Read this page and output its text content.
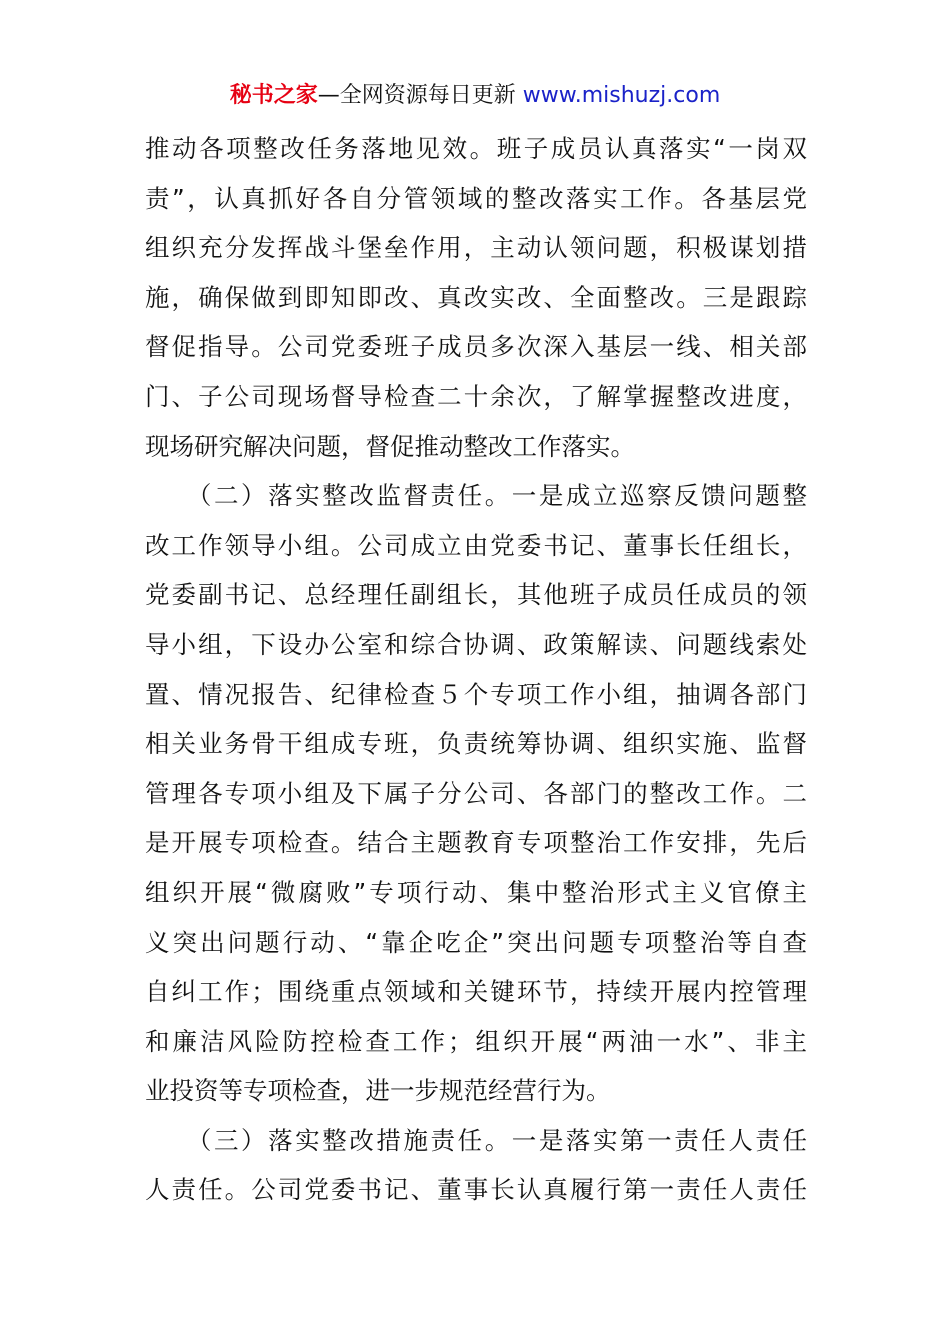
秘书之家—全网资源每日更新 www.mishuzj.com
推动各项整改任务落地见效。班子成员认真落实“一岗双
责”，认真抓好各自分管领域的整改落实工作。各基层党
组织充分发挥战斗堡垒作用，主动认领问题，积极谋划措
施，确保做到即知即改、真改实改、全面整改。三是跟踪
督促指导。公司党委班子成员多次深入基层一线、相关部
门、子公司现场督导检查二十余次，了解掌握整改进度，
现场研究解决问题，督促推动整改工作落实。
　　（二）落实整改监督责任。一是成立巡察反馈问题整
改工作领导小组。公司成立由党委书记、董事长任组长，
党委副书记、总经理任副组长，其他班子成员任成员的领
导小组，下设办公室和综合协调、政策解读、问题线索处
置、情况报告、纪律检查５个专项工作小组，抽调各部门
相关业务骨干组成专班，负责统筹协调、组织实施、监督
管理各专项小组及下属子分公司、各部门的整改工作。二
是开展专项检查。结合主题教育专项整治工作安排，先后
组织开展“微腐败”专项行动、集中整治形式主义官僚主
义突出问题行动、“靠企吃企”突出问题专项整治等自查
自纠工作；围绕重点领域和关键环节，持续开展内控管理
和廉洁风险防控检查工作；组织开展“两油一水”、非主
业投资等专项检查，进一步规范经营行为。
　　（三）落实整改措施责任。一是落实第一责任人责任
人责任。公司党委书记、董事长认真履行第一责任人责任
